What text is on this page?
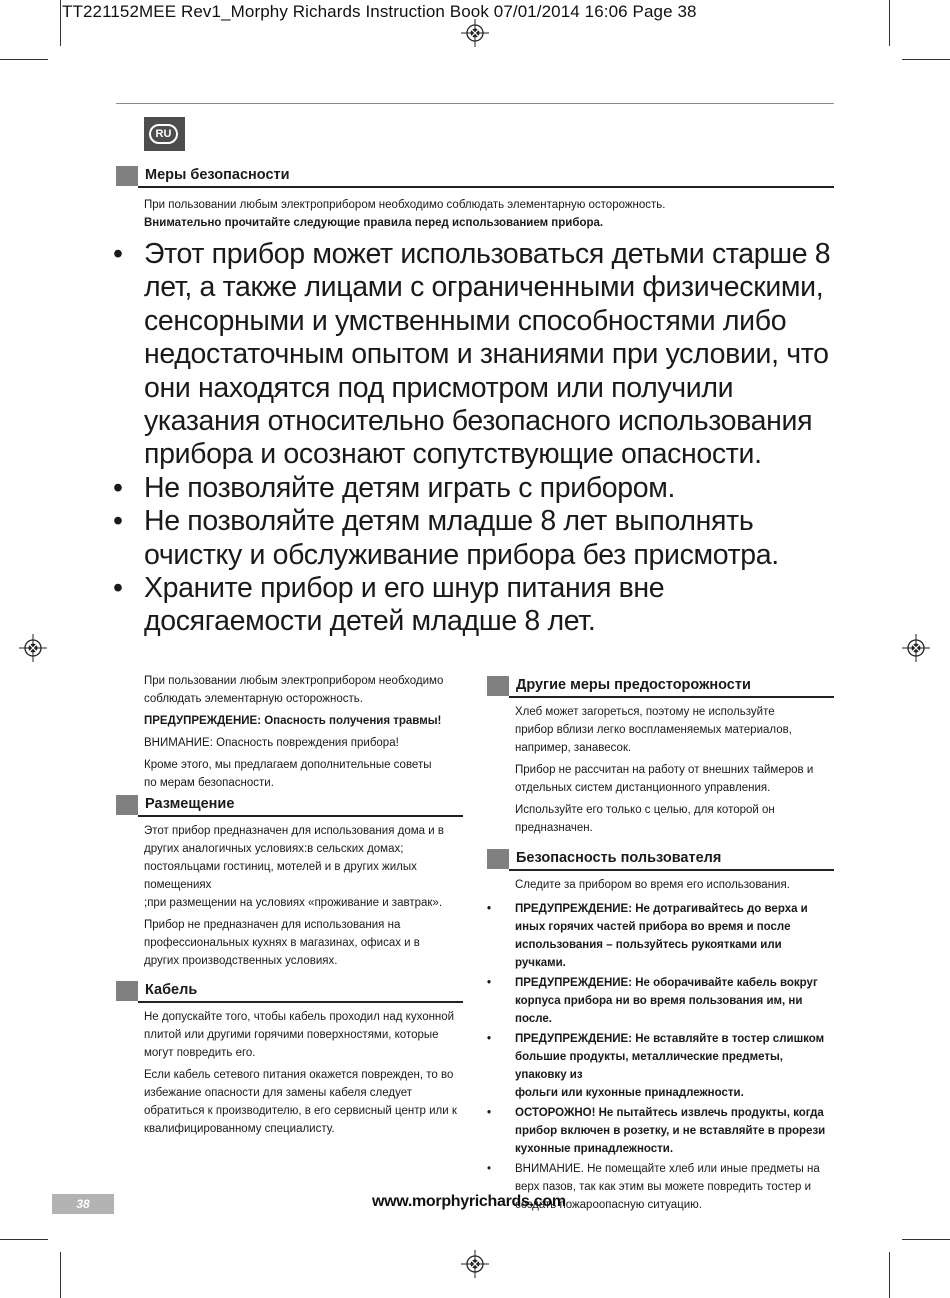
TT221152MEE Rev1_Morphy Richards Instruction Book 07/01/2014 16:06 Page 38
RU
Меры безопасности
При пользовании любым электроприбором необходимо соблюдать элементарную осторожность.
Внимательно прочитайте следующие правила перед использованием прибора.
• Этот прибор может использоваться детьми старше 8 лет, а также лицами с ограниченными физическими, сенсорными и умственными способностями либо недостаточным опытом и знаниями при условии, что они находятся под присмотром или получили указания относительно безопасного использования прибора и осознают сопутствующие опасности.
• Не позволяйте детям играть с прибором.
• Не позволяйте детям младше 8 лет выполнять очистку и обслуживание прибора без присмотра.
• Храните прибор и его шнур питания вне досягаемости детей младше 8 лет.

При пользовании любым электроприбором необходимо соблюдать элементарную осторожность.

ПРЕДУПРЕЖДЕНИЕ: Опасность получения травмы!

ВНИМАНИЕ: Опасность повреждения прибора!

Кроме этого, мы предлагаем дополнительные советы по мерам безопасности.

Размещение
Этот прибор предназначен для использования дома и в других аналогичных условиях:в сельских домах; постояльцами гостиниц, мотелей и в других жилых помещениях

;при размещении на условиях «проживание и завтрак».

Прибор не предназначен для использования на профессиональных кухнях в магазинах, офисах и в других производственных условиях.

Кабель

Не допускайте того, чтобы кабель проходил над кухонной плитой или другими горячими поверхностями, которые могут повредить его.

Если кабель сетевого питания окажется поврежден, то во избежание опасности для замены кабеля следует обратиться к производителю, в его сервисный центр или к квалифицированному специалисту.

Другие меры предосторожности

Хлеб может загореться, поэтому не используйте прибор вблизи легко воспламеняемых материалов, например, занавесок.

Прибор не рассчитан на работу от внешних таймеров и отдельных систем дистанционного управления.

Используйте его только с целью, для которой он предназначен.

Безопасность пользователя
Следите за прибором во время его использования.
• ПРЕДУПРЕЖДЕНИЕ: Не дотрагивайтесь до верха и иных горячих частей прибора во время и после использования – пользуйтесь рукоятками или ручками.
• ПРЕДУПРЕЖДЕНИЕ: Не оборачивайте кабель вокруг корпуса прибора ни во время пользования им, ни после.
• ПРЕДУПРЕЖДЕНИЕ: Не вставляйте в тостер слишком большие продукты, металлические предметы, упаковку из
фольги или кухонные принадлежности.
• ОСТОРОЖНО! Не пытайтесь извлечь продукты, когда прибор включен в розетку, и не вставляйте в прорези кухонные принадлежности.
• ВНИМАНИЕ. Не помещайте хлеб или иные предметы на верх пазов, так как этим вы можете повредить тостер и создать пожароопасную ситуацию.
38	www.morphyrichards.com
